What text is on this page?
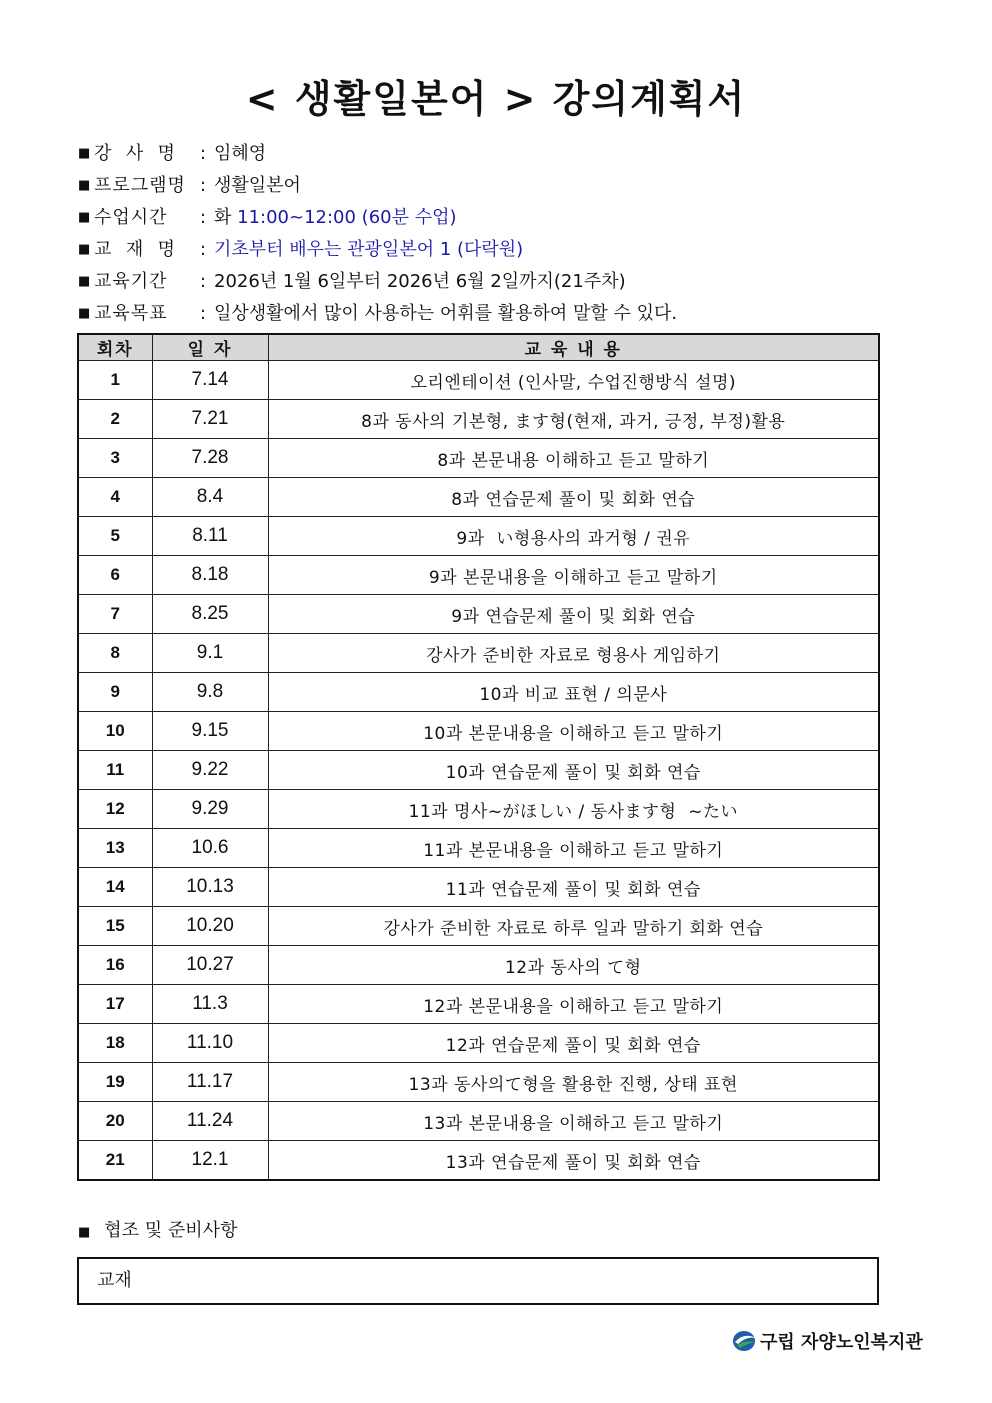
< 생활일본어 > 강의계획서
■ 강  사  명	: 임혜영
■ 프로그램명 : 생활일본어
■ 수업시간	: 화 11:00~12:00 (60분 수업)
■ 교  재  명	: 기초부터 배우는 관광일본어 1 (다락원)
■ 교육기간	: 2026년 1월 6일부터 2026년 6월 2일까지(21주차)
■ 교육목표	: 일상생활에서 많이 사용하는 어휘를 활용하여 말할 수 있다.
회차	일 자	교 육 내 용
1	7.14	오리엔테이션 (인사말, 수업진행방식 설명)
2	7.21	8과 동사의 기본형, ます형(현재, 과거, 긍정, 부정)활용
3	7.28	8과 본문내용 이해하고 듣고 말하기
4	8.4	8과 연습문제 풀이 및 회화 연습
5	8.11	9과  い형용사의 과거형 / 권유
6	8.18	9과 본문내용을 이해하고 듣고 말하기
7	8.25	9과 연습문제 풀이 및 회화 연습
8	9.1	강사가 준비한 자료로 형용사 게임하기
9	9.8	10과 비교 표현 / 의문사
10	9.15	10과 본문내용을 이해하고 듣고 말하기
11	9.22	10과 연습문제 풀이 및 회화 연습
12	9.29	11과 명사~がほしい / 동사ます형  ~たい
13	10.6	11과 본문내용을 이해하고 듣고 말하기
14	10.13	11과 연습문제 풀이 및 회화 연습
15	10.20	강사가 준비한 자료로 하루 일과 말하기 회화 연습
16	10.27	12과 동사의 て형
17	11.3	12과 본문내용을 이해하고 듣고 말하기
18	11.10	12과 연습문제 풀이 및 회화 연습
19	11.17	13과 동사의て형을 활용한 진행, 상태 표현
20	11.24	13과 본문내용을 이해하고 듣고 말하기
21	12.1	13과 연습문제 풀이 및 회화 연습
■ 협조 및 준비사항
교재
구립 자양노인복지관
